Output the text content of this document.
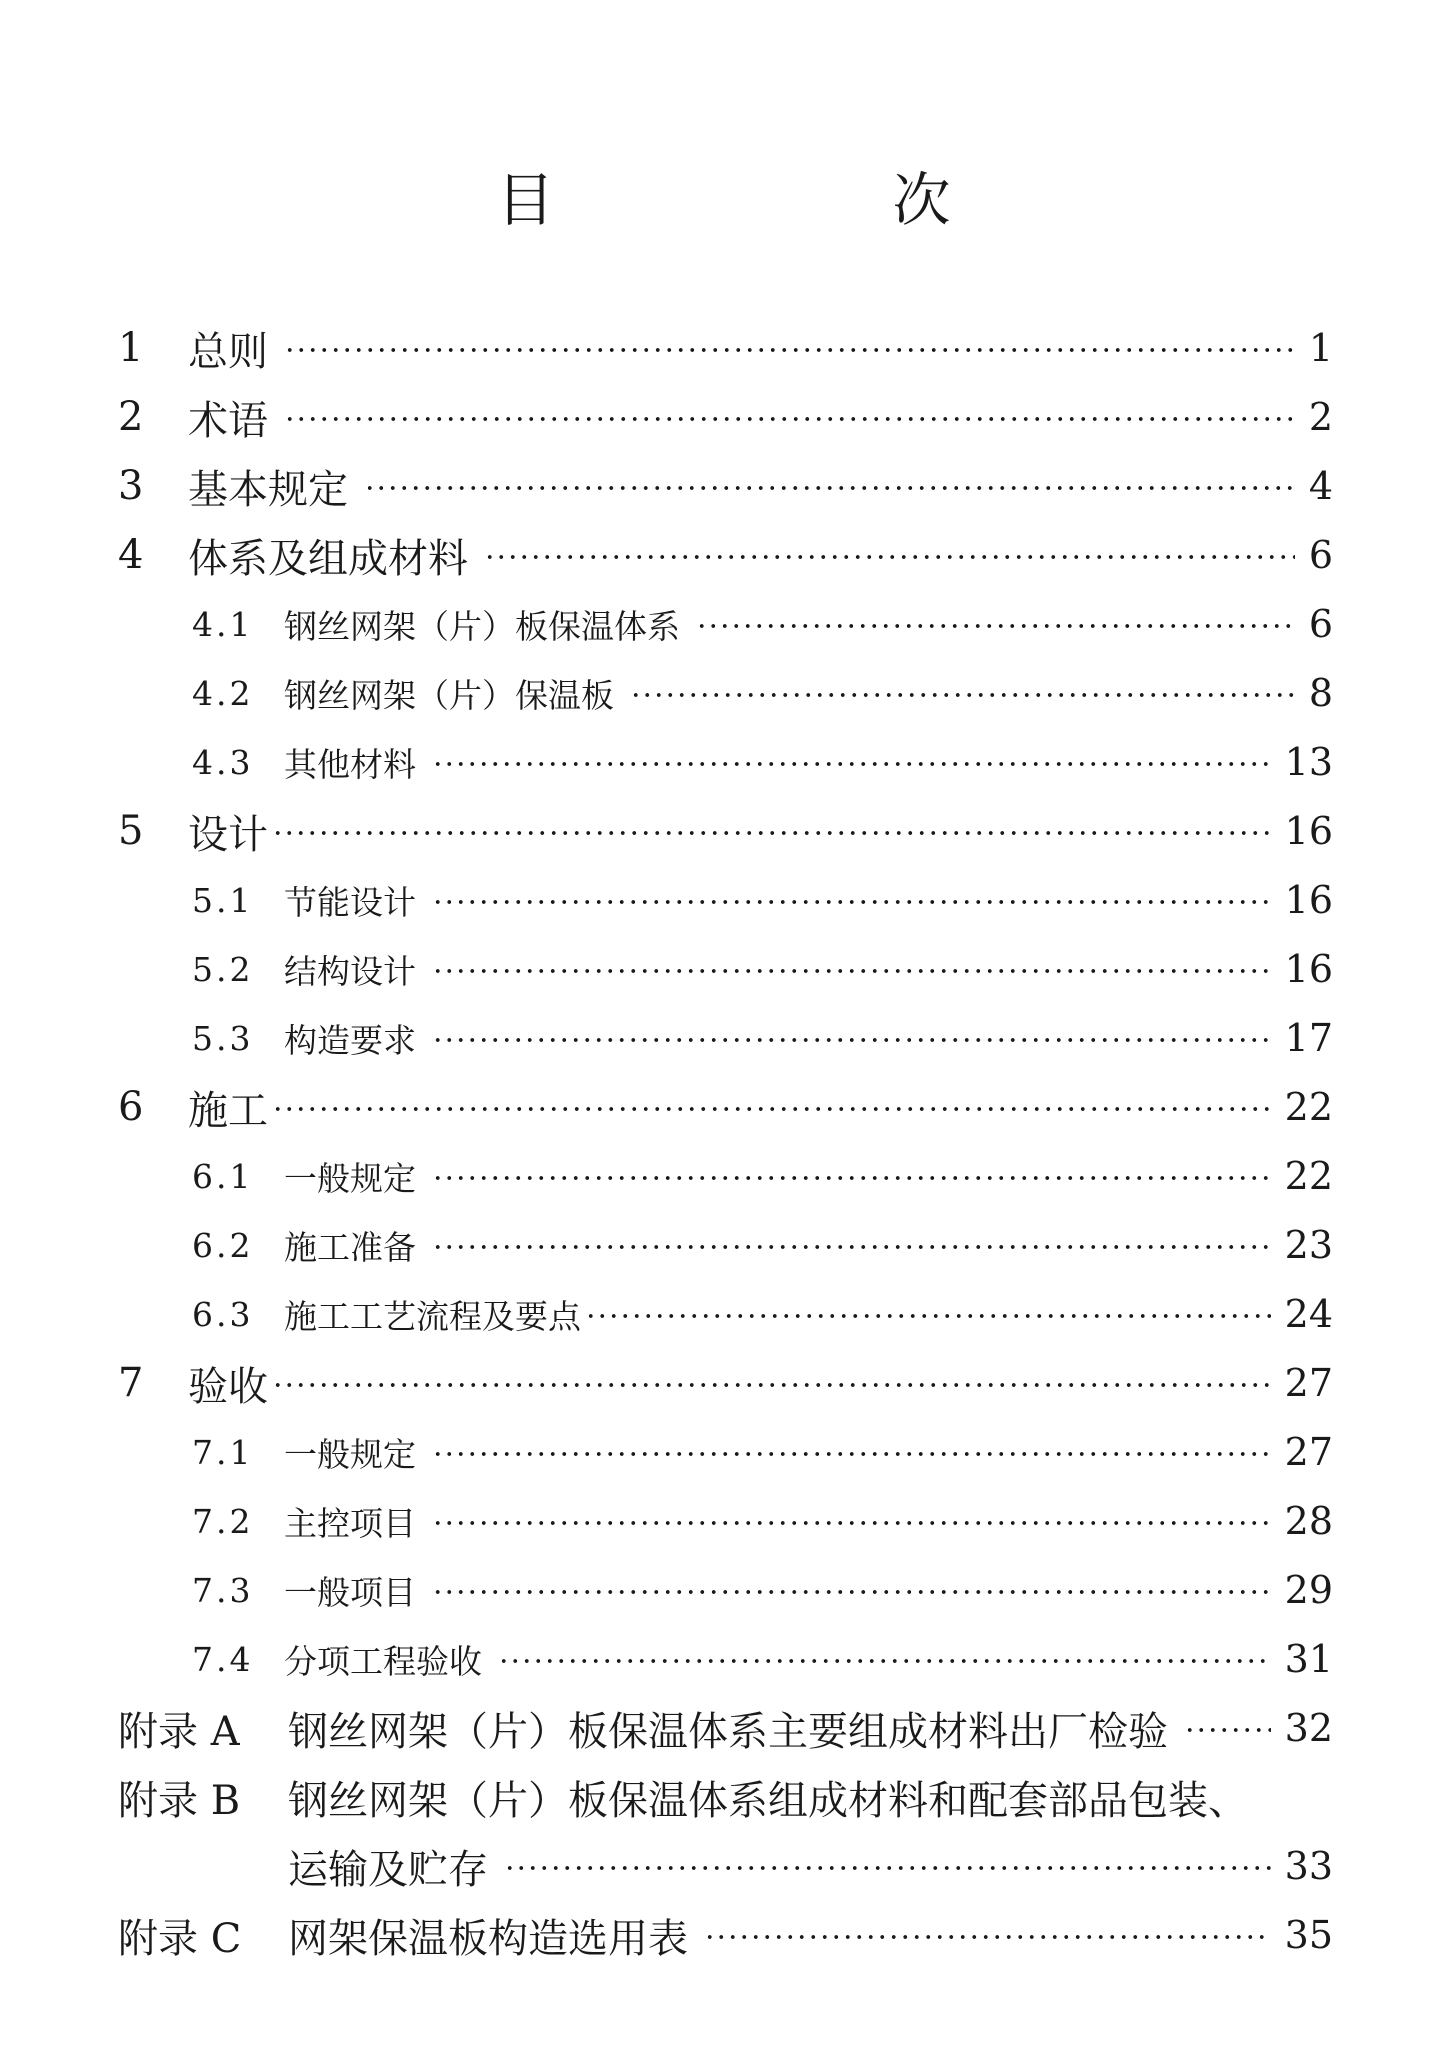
目　次
1	总则	1
2	术语	2
3	基本规定	4
4	体系及组成材料	6
4.1 钢丝网架（片）板保温体系	6
4.2 钢丝网架（片）保温板	8
4.3 其他材料	13
5	设计	16
5.1 节能设计	16
5.2 结构设计	16
5.3 构造要求	17
6	施工	22
6.1 一般规定	22
6.2 施工准备	23
6.3 施工工艺流程及要点	24
7	验收	27
7.1 一般规定	27
7.2 主控项目	28
7.3 一般项目	29
7.4 分项工程验收	31
附录 A	钢丝网架（片）板保温体系主要组成材料出厂检验	32
附录 B	钢丝网架（片）板保温体系组成材料和配套部品包装、
运输及贮存	33
附录 C	网架保温板构造选用表	35
